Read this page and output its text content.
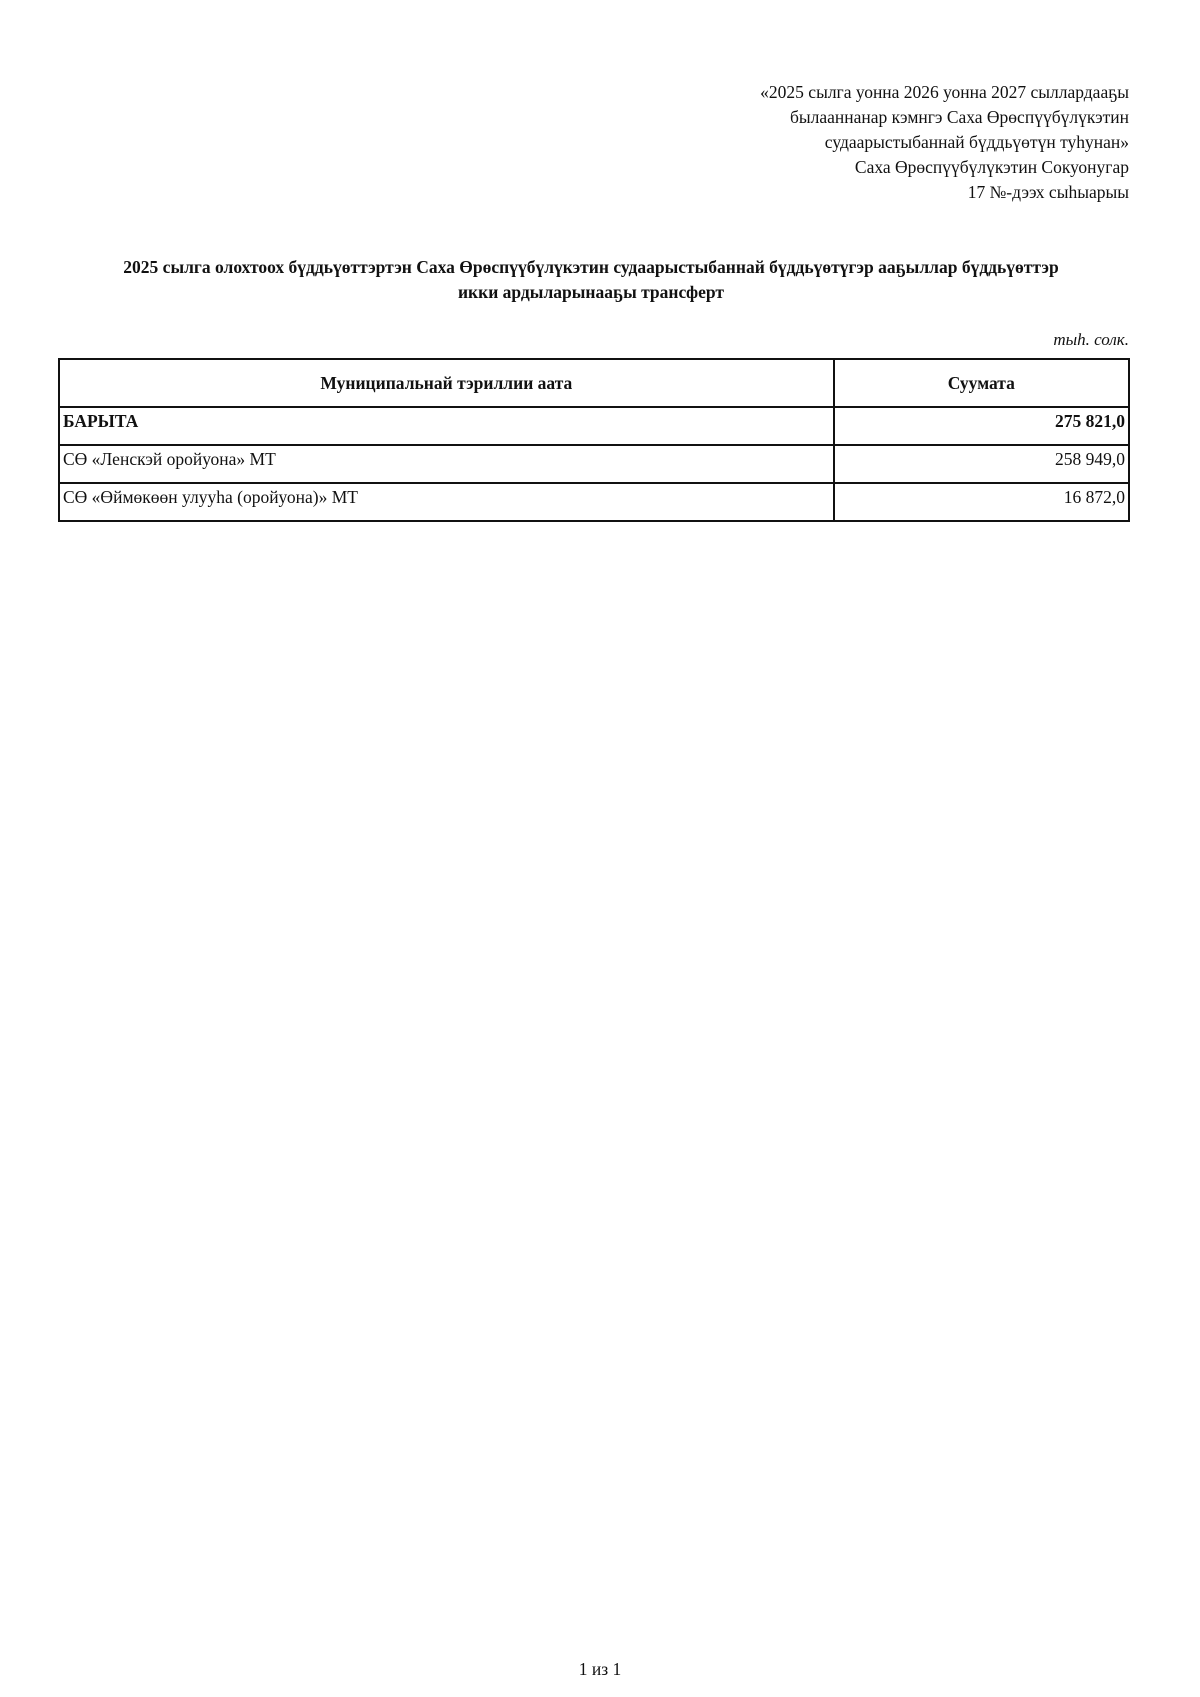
«2025 сылга уонна 2026 уонна 2027 сыллардааҕы
былааннанар кэмнгэ Саха Өрөспүүбүлүкэтин
судаарыстыбаннай бүддьүөтүн туһунан»
Саха Өрөспүүбүлүкэтин Сокуонугар
17 №-дээх сыһыарыы
2025 сылга олохтоох бүддьүөттэртэн Саха Өрөспүүбүлүкэтин судаарыстыбаннай бүддьүөтүгэр ааҕыллар бүддьүөттэр
икки ардыларынааҕы трансферт
тыһ. солк.
Муниципальнай тэриллии аата	Суумата
БАРЫТА	275 821,0
СӨ «Ленскэй оройуона» МТ	258 949,0
СӨ «Өймөкөөн улууһа (оройуона)» МТ	16 872,0
1 из 1
